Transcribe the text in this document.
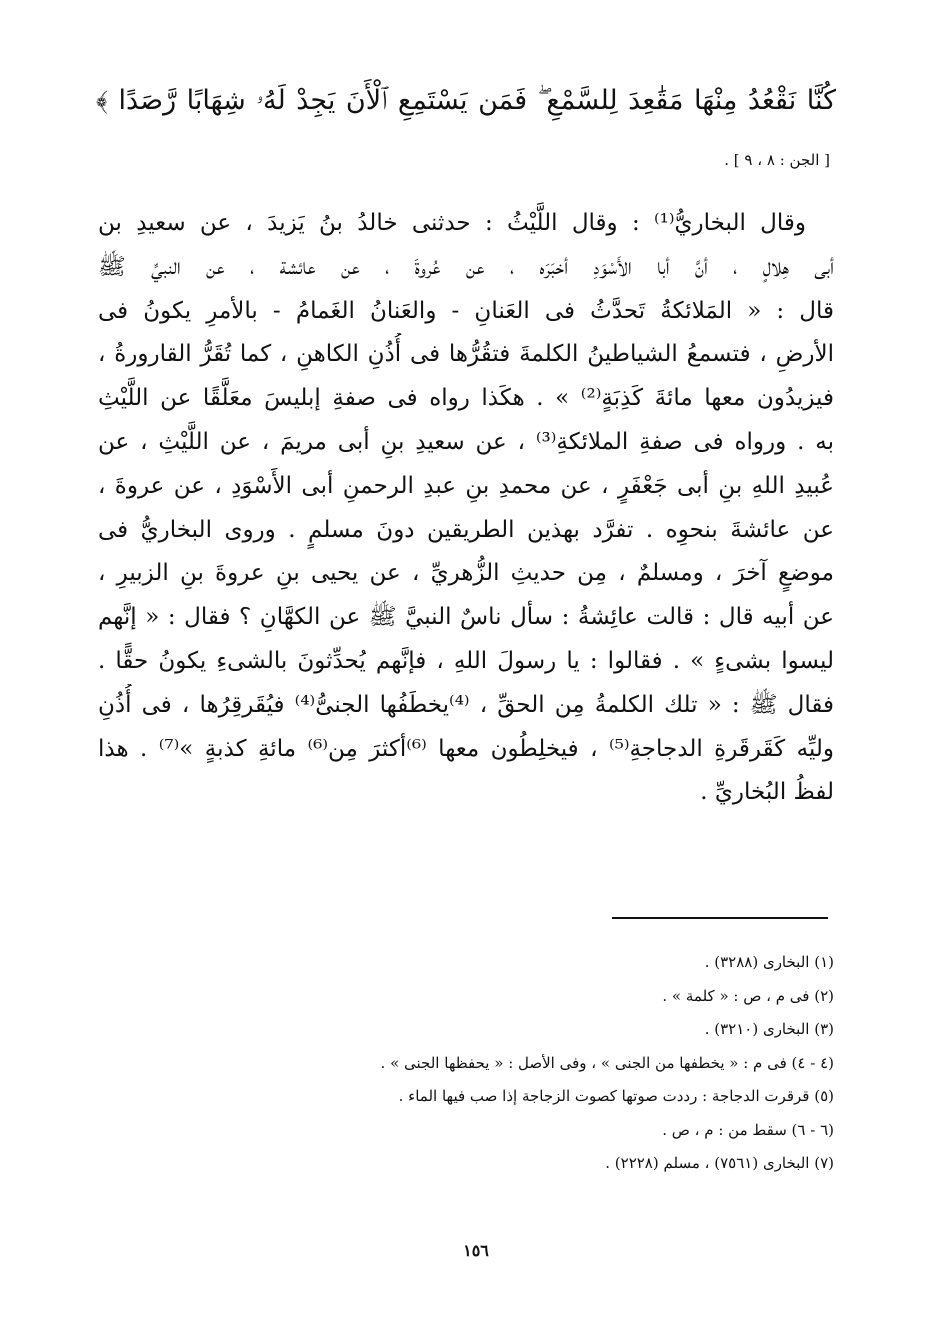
كُنَّا نَقْعُدُ مِنْهَا مَقَٰعِدَ لِلسَّمْعِ ۖ فَمَن يَسْتَمِعِ ٱلْأَنَ يَجِدْ لَهُۥ شِهَابًا رَّصَدًا ﴾
[ الجن : ٨ ، ٩ ] .
وقال البخاريُّ⁽¹⁾ : وقال اللَّيْثُ : حدثنى خالدُ بنُ يَزيدَ ، عن سعيدِ بن
أبى هِلالٍ ، أنَّ أبا الأَسْوَدِ أخبَرَه ، عن عُروةَ ، عن عائشة ، عن النبيِّ ﷺ
قال : « المَلائكةُ تَحدَّثُ فى العَنانِ - والعَنانُ الغَمامُ - بالأمرِ يكونُ فى
الأرضِ ، فتسمعُ الشياطينُ الكلمةَ فتقُرُّها فى أُذُنِ الكاهنِ ، كما تُقَرُّ القارورةُ ،
فيزيدُون معها مائةَ كَذِبَةٍ⁽²⁾ » . هكَذا رواه فى صفةِ إبليسَ معَلَّقًا عن اللَّيْثِ
به . ورواه فى صفةِ الملائكةِ⁽³⁾ ، عن سعيدِ بنِ أبى مريمَ ، عن اللَّيْثِ ، عن
عُبيدِ اللهِ بنِ أبى جَعْفَرٍ ، عن محمدِ بنِ عبدِ الرحمنِ أبى الأَسْوَدِ ، عن عروةَ ،
عن عائشةَ بنحوِه . تفرَّد بهذين الطريقين دونَ مسلمٍ . وروى البخاريُّ فى
موضعٍ آخرَ ، ومسلمٌ ، مِن حديثِ الزُّهريِّ ، عن يحيى بنِ عروةَ بنِ الزبيرِ ،
عن أبيه قال : قالت عائِشةُ : سأل ناسٌ النبيَّ ﷺ عن الكهَّانِ ؟ فقال : « إنَّهم
ليسوا بشىءٍ » . فقالوا : يا رسولَ اللهِ ، فإنَّهم يُحدِّثونَ بالشىءِ يكونُ حقًّا .
فقال ﷺ : « تلك الكلمةُ مِن الحقِّ ، ⁽⁴⁾يخطَفُها الجنىُّ⁽⁴⁾ فيُقَرقِرُها ، فى أُذُنِ
وليِّه كَقَرقَرةِ الدجاجةِ⁽⁵⁾ ، فيخلِطُون معها ⁽⁶⁾أكثرَ مِن⁽⁶⁾ مائةِ كذبةٍ »⁽⁷⁾ . هذا
لفظُ البُخاريِّ .
(١) البخارى (٣٢٨٨) .
(٢) فى م ، ص : « كلمة » .
(٣) البخارى (٣٢١٠) .
(٤ - ٤) فى م : « يخطفها من الجنى » ، وفى الأصل : « يحفظها الجنى » .
(٥) قرقرت الدجاجة : رددت صوتها كصوت الزجاجة إذا صب فيها الماء .
(٦ - ٦) سقط من : م ، ص .
(٧) البخارى (٧٥٦١) ، مسلم (٢٢٢٨) .
١٥٦
